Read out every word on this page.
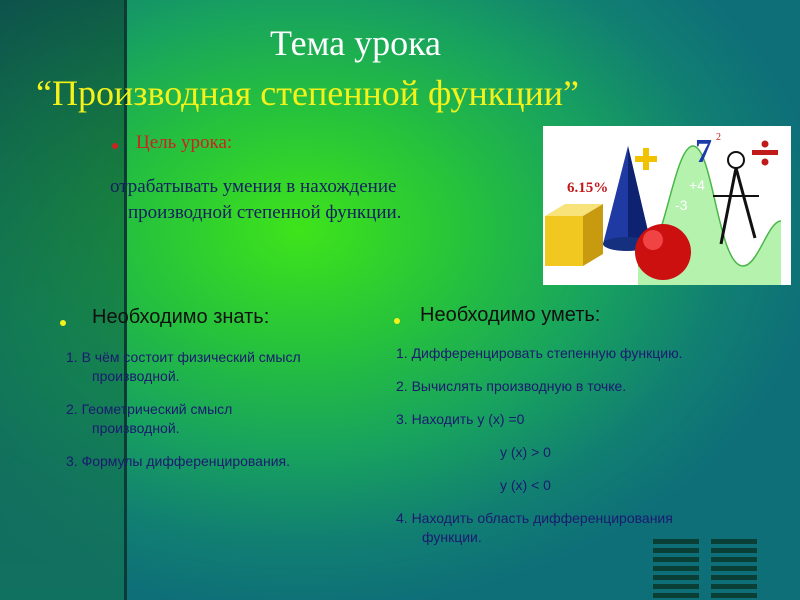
Тема урока
“Производная степенной функции”
Цель урока:
отрабатывать умения в нахождение
производной степенной функции.
6.15%
7 2
+4
-3
Необходимо знать:
1. В чём состоит физический смысл
производной.
2. Геометрический смысл
производной.
3. Формулы дифференцирования.
Необходимо уметь:
1. Дифференцировать степенную функцию.
2. Вычислять производную в точке.
3. Находить у (х) =0
у (х) > 0
у (х) < 0
4. Находить область дифференцирования
функции.
